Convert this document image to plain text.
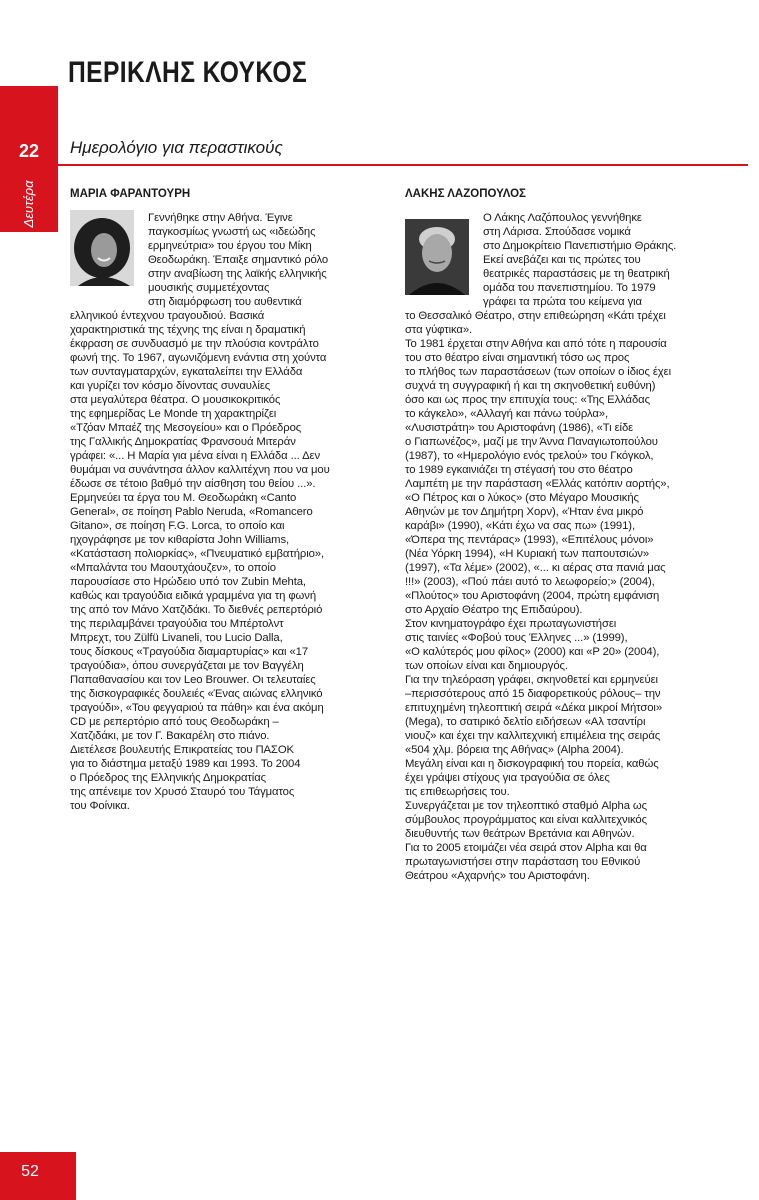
ΠΕΡΙΚΛΗΣ ΚΟΥΚΟΣ
22	Ημερολόγιο για περαστικούς
Δευτέρα	ΜΑΡΙΑ ΦΑΡΑΝΤΟΥΡΗ
Γεννήθηκε στην Αθήνα. Έγινε
παγκοσμίως γνωστή ως «ιδεώδης
ερμηνεύτρια» του έργου του Μίκη
Θεοδωράκη. Έπαιξε σημαντικό ρόλο
στην αναβίωση της λαϊκής ελληνικής
μουσικής συμμετέχοντας
στη διαμόρφωση του αυθεντικά
ελληνικού έντεχνου τραγουδιού. Βασικά
χαρακτηριστικά της τέχνης της είναι η δραματική
έκφραση σε συνδυασμό με την πλούσια κοντράλτο
φωνή της. Το 1967, αγωνιζόμενη ενάντια στη χούντα
των συνταγματαρχών, εγκαταλείπει την Ελλάδα
και γυρίζει τον κόσμο δίνοντας συναυλίες
στα μεγαλύτερα θέατρα. Ο μουσικοκριτικός
της εφημερίδας Le Monde τη χαρακτηρίζει
«Τζόαν Μπαέζ της Μεσογείου» και ο Πρόεδρος
της Γαλλικής Δημοκρατίας Φρανσουά Μιτεράν
γράφει: «... Η Μαρία για μένα είναι η Ελλάδα ... Δεν
θυμάμαι να συνάντησα άλλον καλλιτέχνη που να μου
έδωσε σε τέτοιο βαθμό την αίσθηση του θείου ...».
Ερμηνεύει τα έργα του Μ. Θεοδωράκη «Canto
General», σε ποίηση Pablo Neruda, «Romancero
Gitano», σε ποίηση F.G. Lorca, το οποίο και
ηχογράφησε με τον κιθαρίστα John Williams,
«Κατάσταση πολιορκίας», «Πνευματικό εμβατήριο»,
«Μπαλάντα του Μαουτχάουζεν», το οποίο
παρουσίασε στο Ηρώδειο υπό τον Zubin Mehta,
καθώς και τραγούδια ειδικά γραμμένα για τη φωνή
της από τον Μάνο Χατζιδάκι. Το διεθνές ρεπερτόριό
της περιλαμβάνει τραγούδια του Μπέρτολντ
Μπρεχτ, του Zülfü Livaneli, του Lucio Dalla,
τους δίσκους «Τραγούδια διαμαρτυρίας» και «17
τραγούδια», όπου συνεργάζεται με τον Βαγγέλη
Παπαθανασίου και τον Leo Brouwer. Οι τελευταίες
της δισκογραφικές δουλειές «Ένας αιώνας ελληνικό
τραγούδι», «Του φεγγαριού τα πάθη» και ένα ακόμη
CD με ρεπερτόριο από τους Θεοδωράκη –
Χατζιδάκι, με τον Γ. Βακαρέλη στο πιάνο.
Διετέλεσε βουλευτής Επικρατείας του ΠΑΣΟΚ
για το διάστημα μεταξύ 1989 και 1993. Το 2004
ο Πρόεδρος της Ελληνικής Δημοκρατίας
της απένειμε τον Χρυσό Σταυρό του Τάγματος
του Φοίνικα.
ΛΑΚΗΣ ΛΑΖΟΠΟΥΛΟΣ
Ο Λάκης Λαζόπουλος γεννήθηκε
στη Λάρισα. Σπούδασε νομικά
στο Δημοκρίτειο Πανεπιστήμιο Θράκης.
Εκεί ανεβάζει και τις πρώτες του
θεατρικές παραστάσεις με τη θεατρική
ομάδα του πανεπιστημίου. Το 1979
γράφει τα πρώτα του κείμενα για
το Θεσσαλικό Θέατρο, στην επιθεώρηση «Κάτι τρέχει
στα γύφτικα».
Το 1981 έρχεται στην Αθήνα και από τότε η παρουσία
του στο θέατρο είναι σημαντική τόσο ως προς
το πλήθος των παραστάσεων (των οποίων ο ίδιος έχει
συχνά τη συγγραφική ή και τη σκηνοθετική ευθύνη)
όσο και ως προς την επιτυχία τους: «Της Ελλάδας
το κάγκελο», «Αλλαγή και πάνω τούρλα»,
«Λυσιστράτη» του Αριστοφάνη (1986), «Τι είδε
ο Γιαπωνέζος», μαζί με την Άννα Παναγιωτοπούλου
(1987), το «Ημερολόγιο ενός τρελού» του Γκόγκολ,
το 1989 εγκαινιάζει τη στέγασή του στο θέατρο
Λαμπέτη με την παράσταση «Ελλάς κατόπιν αορτής»,
«Ο Πέτρος και ο λύκος» (στο Μέγαρο Μουσικής
Αθηνών με τον Δημήτρη Χορν), «Ήταν ένα μικρό
καράβι» (1990), «Κάτι έχω να σας πω» (1991),
«Όπερα της πεντάρας» (1993), «Επιτέλους μόνοι»
(Νέα Υόρκη 1994), «Η Κυριακή των παπουτσιών»
(1997), «Τα λέμε» (2002), «... κι αέρας στα πανιά μας
!!!» (2003), «Πού πάει αυτό το λεωφορείο;» (2004),
«Πλούτος» του Αριστοφάνη (2004, πρώτη εμφάνιση
στο Αρχαίο Θέατρο της Επιδαύρου).
Στον κινηματογράφο έχει πρωταγωνιστήσει
στις ταινίες «Φοβού τους Έλληνες ...» (1999),
«Ο καλύτερός μου φίλος» (2000) και «Ρ 20» (2004),
των οποίων είναι και δημιουργός.
Για την τηλεόραση γράφει, σκηνοθετεί και ερμηνεύει
–περισσότερους από 15 διαφορετικούς ρόλους– την
επιτυχημένη τηλεοπτική σειρά «Δέκα μικροί Μήτσοι»
(Mega), το σατιρικό δελτίο ειδήσεων «Αλ τσαντίρι
νιουζ» και έχει την καλλιτεχνική επιμέλεια της σειράς
«504 χλμ. βόρεια της Αθήνας» (Alpha 2004).
Μεγάλη είναι και η δισκογραφική του πορεία, καθώς
έχει γράψει στίχους για τραγούδια σε όλες
τις επιθεωρήσεις του.
Συνεργάζεται με τον τηλεοπτικό σταθμό Alpha ως
σύμβουλος προγράμματος και είναι καλλιτεχνικός
διευθυντής των θεάτρων Βρετάνια και Αθηνών.
Για το 2005 ετοιμάζει νέα σειρά στον Alpha και θα
πρωταγωνιστήσει στην παράσταση του Εθνικού
Θεάτρου «Αχαρνής» του Αριστοφάνη.
52
